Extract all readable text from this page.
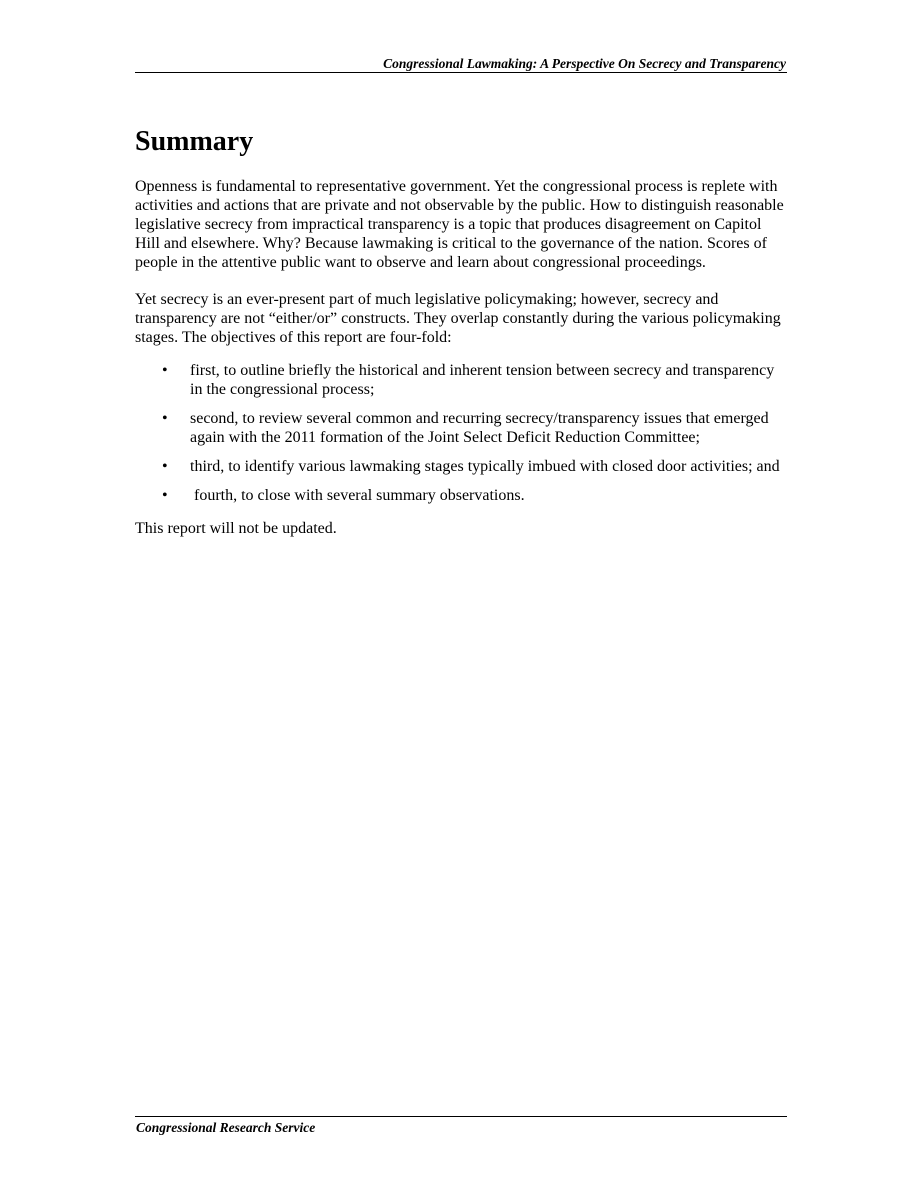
Congressional Lawmaking: A Perspective On Secrecy and Transparency
Summary

Openness is fundamental to representative government. Yet the congressional process is replete with activities and actions that are private and not observable by the public. How to distinguish reasonable legislative secrecy from impractical transparency is a topic that produces disagreement on Capitol Hill and elsewhere. Why? Because lawmaking is critical to the governance of the nation. Scores of people in the attentive public want to observe and learn about congressional proceedings.

Yet secrecy is an ever-present part of much legislative policymaking; however, secrecy and transparency are not “either/or” constructs. They overlap constantly during the various policymaking stages. The objectives of this report are four-fold:

• first, to outline briefly the historical and inherent tension between secrecy and transparency in the congressional process;
• second, to review several common and recurring secrecy/transparency issues that emerged again with the 2011 formation of the Joint Select Deficit Reduction Committee;
• third, to identify various lawmaking stages typically imbued with closed door activities; and
• fourth, to close with several summary observations.

This report will not be updated.

Congressional Research Service
